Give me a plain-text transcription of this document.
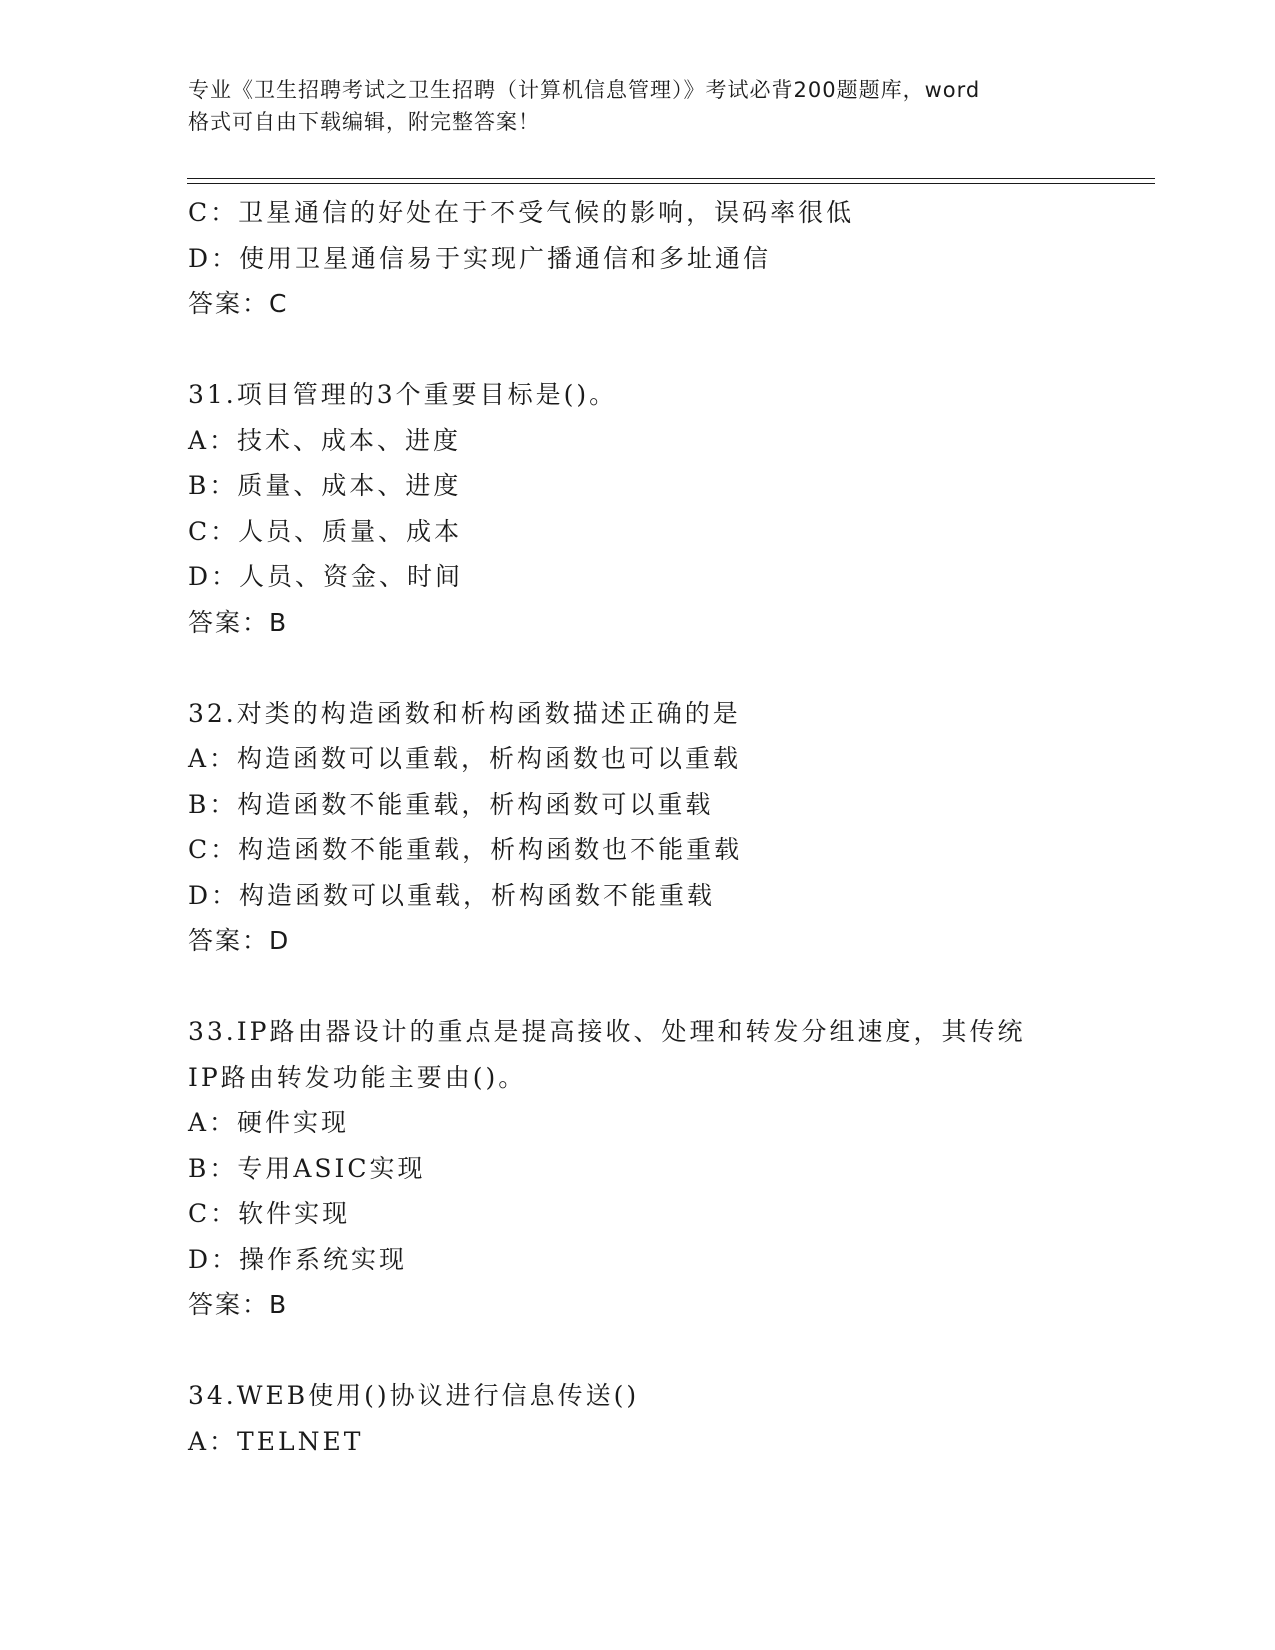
专业《卫生招聘考试之卫生招聘（计算机信息管理）》考试必背200题题库，word
格式可自由下载编辑，附完整答案！
C：卫星通信的好处在于不受气候的影响，误码率很低
D：使用卫星通信易于实现广播通信和多址通信
答案：C
31.项目管理的3个重要目标是()。
A：技术、成本、进度
B：质量、成本、进度
C：人员、质量、成本
D：人员、资金、时间
答案：B
32.对类的构造函数和析构函数描述正确的是
A：构造函数可以重载，析构函数也可以重载
B：构造函数不能重载，析构函数可以重载
C：构造函数不能重载，析构函数也不能重载
D：构造函数可以重载，析构函数不能重载
答案：D
33.IP路由器设计的重点是提高接收、处理和转发分组速度，其传统
IP路由转发功能主要由()。
A：硬件实现
B：专用ASIC实现
C：软件实现
D：操作系统实现
答案：B
34.WEB使用()协议进行信息传送()
A：TELNET
